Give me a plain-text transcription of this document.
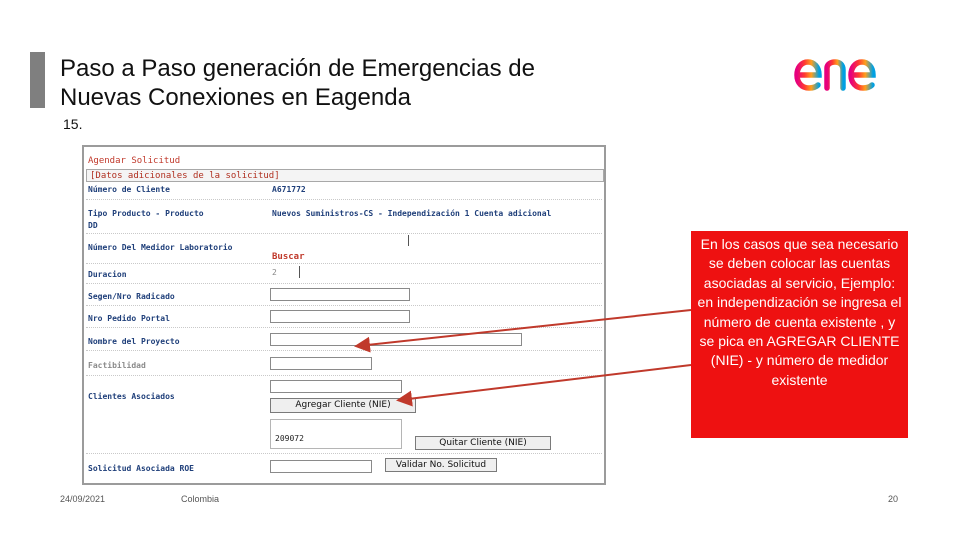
Paso a Paso generación de Emergencias de
Nuevas Conexiones en Eagenda
15.
Agendar Solicitud
[Datos adicionales de la solicitud]
Número de Cliente	A671772
Tipo Producto - Producto
DD
Nuevos Suministros-CS - Independización 1 Cuenta adicional
Número Del Medidor Laboratorio
Buscar
Duracion	2
Segen/Nro Radicado
Nro Pedido Portal
Nombre del Proyecto
Factibilidad
Clientes Asociados
Agregar Cliente (NIE)
209072	Quitar Cliente (NIE)
Solicitud Asociada ROE	Validar No. Solicitud
En los casos que sea necesario se deben colocar las cuentas asociadas al servicio, Ejemplo: en independización se ingresa el número de cuenta existente , y se pica en AGREGAR CLIENTE (NIE) - y número de medidor existente
24/09/2021	Colombia	20
